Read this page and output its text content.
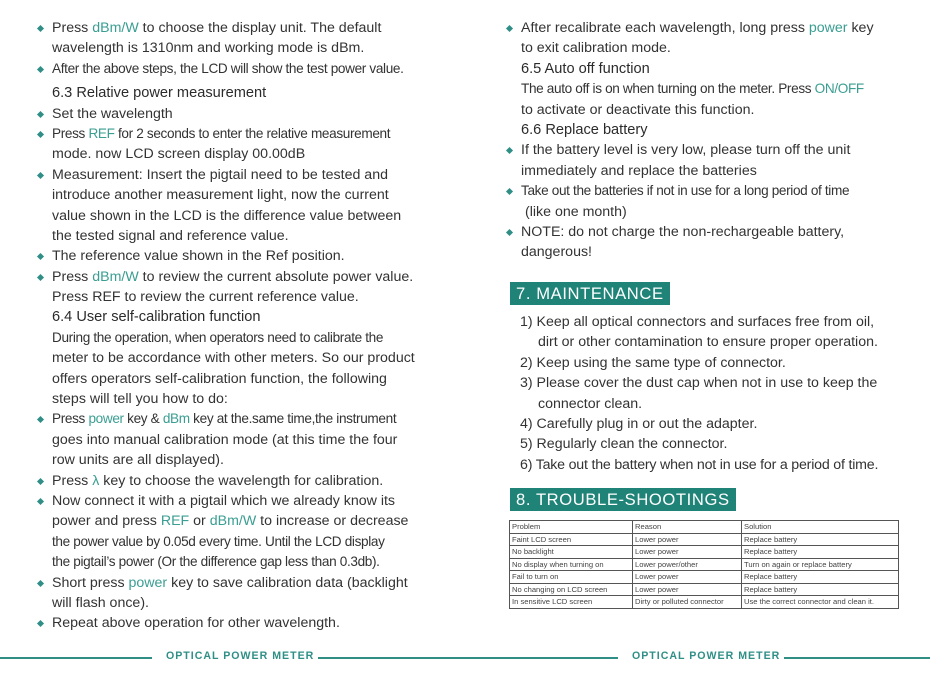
Press dBm/W to choose the display unit. The default
wavelength is 1310nm and working mode is dBm.
After the above steps, the LCD will show the test power value.
6.3 Relative power measurement
Set the wavelength
Press REF for 2 seconds to enter the relative measurement
mode. now LCD screen display 00.00dB
Measurement: Insert the pigtail need to be tested and
introduce another measurement light, now the current
value shown in the LCD is the difference value between
the tested signal and reference value.
The reference value shown in the Ref position.
Press dBm/W to review the current absolute power value.
Press REF to review the current reference value.
6.4 User self-calibration function
During the operation, when operators need to calibrate the
meter to be accordance with other meters. So our product
offers operators self-calibration function, the following
steps will tell you how to do:
Press power key & dBm key at the.same time,the instrument
goes into manual calibration mode (at this time the four
row units are all displayed).
Press λ key to choose the wavelength for calibration.
Now connect it with a pigtail which we already know its
power and press REF or dBm/W to increase or decrease
the power value by 0.05d every time. Until the LCD display
the pigtail’s power (Or the difference gap less than 0.3db).
Short press power key to save calibration data (backlight
will flash once).
Repeat above operation for other wavelength.
After recalibrate each wavelength, long press power key
to exit calibration mode.
6.5 Auto off function
The auto off is on when turning on the meter. Press ON/OFF
to activate or deactivate this function.
6.6 Replace battery
If the battery level is very low, please turn off the unit
immediately and replace the batteries
Take out the batteries if not in use for a long period of time
(like one month)
NOTE: do not charge the non-rechargeable battery,
dangerous!
7. MAINTENANCE
1) Keep all optical connectors and surfaces free from oil,
dirt or other contamination to ensure proper operation.
2) Keep using the same type of connector.
3) Please cover the dust cap when not in use to keep the
connector clean.
4) Carefully plug in or out the adapter.
5) Regularly clean the connector.
6) Take out the battery when not in use for a period of time.
8. TROUBLE-SHOOTINGS
Problem	Reason	Solution
Faint LCD screen	Lower power	Replace battery
No backlight	Lower power	Replace battery
No display when turning on	Lower power/other	Turn on again or replace battery
Fail to turn on	Lower power	Replace battery
No changing on LCD screen	Lower power	Replace battery
In sensitive LCD screen	Dirty or polluted connector	Use the correct connector and clean it.
OPTICAL POWER METER	OPTICAL POWER METER
